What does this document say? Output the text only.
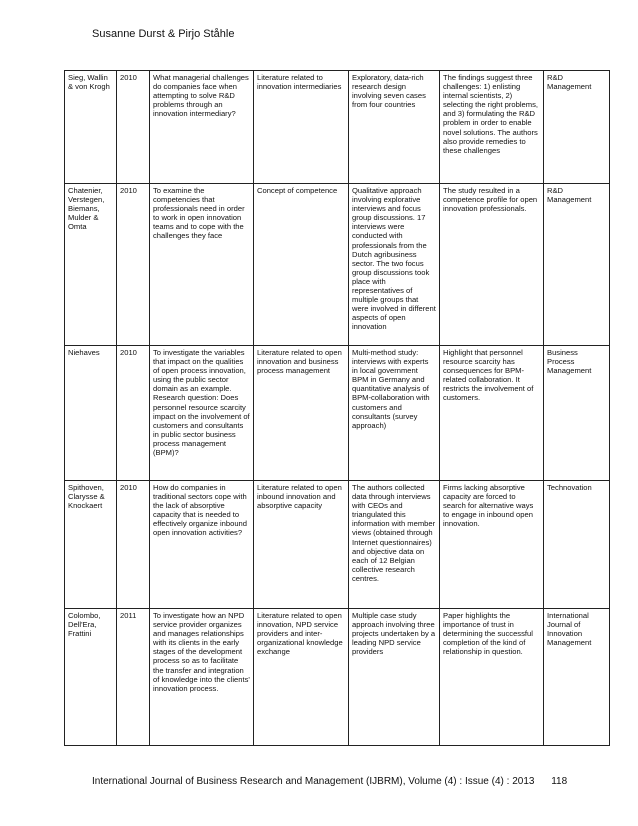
Susanne Durst & Pirjo Ståhle
Sieg, Wallin & von Krogh	2010	What managerial challenges do companies face when attempting to solve R&D problems through an innovation intermediary?	Literature related to innovation intermediaries	Exploratory, data-rich research design involving seven cases from four countries	The findings suggest three challenges: 1) enlisting internal scientists, 2) selecting the right problems, and 3) formulating the R&D problem in order to enable novel solutions. The authors also provide remedies to these challenges	R&D Management
Chatenier, Verstegen, Biemans, Mulder & Omta	2010	To examine the competencies that professionals need in order to work in open innovation teams and to cope with the challenges they face	Concept of competence	Qualitative approach involving explorative interviews and focus group discussions. 17 interviews were conducted with professionals from the Dutch agribusiness sector. The two focus group discussions took place with representatives of multiple groups that were involved in different aspects of open innovation	The study resulted in a competence profile for open innovation professionals.	R&D Management
Niehaves	2010	To investigate the variables that impact on the qualities of open process innovation, using the public sector domain as an example. Research question: Does personnel resource scarcity impact on the involvement of customers and consultants in public sector business process management (BPM)?	Literature related to open innovation and business process management	Multi-method study: interviews with experts in local government BPM in Germany and quantitative analysis of BPM-collaboration with customers and consultants (survey approach)	Highlight that personnel resource scarcity has consequences for BPM-related collaboration. It restricts the involvement of customers.	Business Process Management
Spithoven, Clarysse & Knockaert	2010	How do companies in traditional sectors cope with the lack of absorptive capacity that is needed to effectively organize inbound open innovation activities?	Literature related to open inbound innovation and absorptive capacity	The authors collected data through interviews with CEOs and triangulated this information with member views (obtained through Internet questionnaires) and objective data on each of 12 Belgian collective research centres.	Firms lacking absorptive capacity are forced to search for alternative ways to engage in inbound open innovation.	Technovation
Colombo, Dell'Era, Frattini	2011	To investigate how an NPD service provider organizes and manages relationships with its clients in the early stages of the development process so as to facilitate the transfer and integration of knowledge into the clients' innovation process.	Literature related to open innovation, NPD service providers and inter-organizational knowledge exchange	Multiple case study approach involving three projects undertaken by a leading NPD service providers	Paper highlights the importance of trust in determining the successful completion of the kind of relationship in question.	International Journal of Innovation Management
International Journal of Business Research and Management (IJBRM), Volume (4) : Issue (4) : 2013 118
